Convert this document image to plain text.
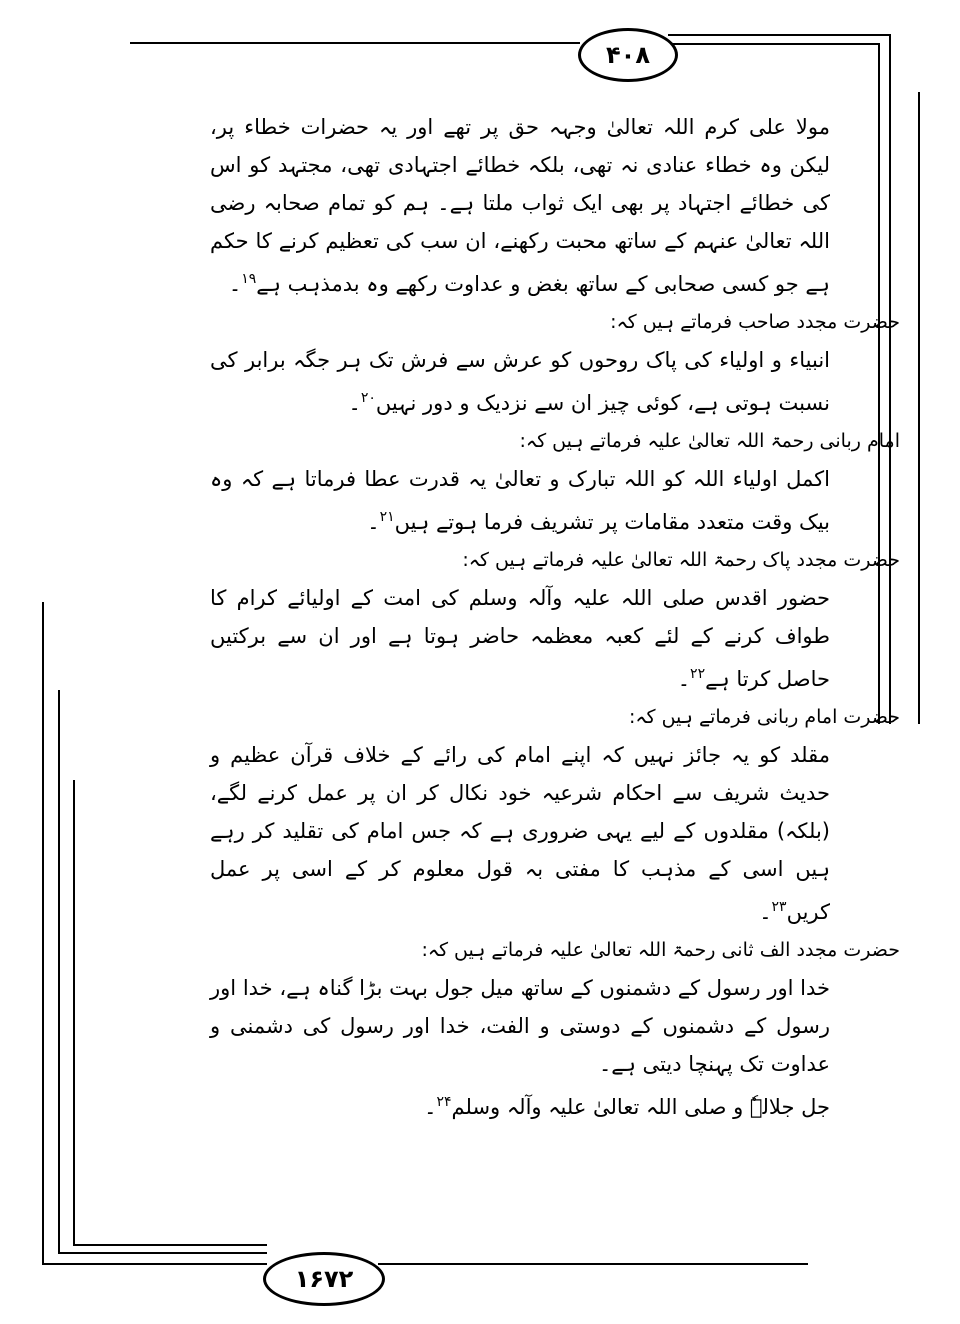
۴۰۸
۱۶۷۲

مولا علی کرم اللہ تعالیٰ وجہہ حق پر تھے اور یہ حضرات خطاء پر، لیکن وہ خطاء عنادی نہ تھی، بلکہ خطائے اجتہادی تھی، مجتہد کو اس کی خطائے اجتہاد پر بھی ایک ثواب ملتا ہے۔ ہم کو تمام صحابہ رضی اللہ تعالیٰ عنہم کے ساتھ محبت رکھنے، ان سب کی تعظیم کرنے کا حکم ہے جو کسی صحابی کے ساتھ بغض و عداوت رکھے وہ بدمذہب ہے$^{۱۹}$۔

حضرت مجدد صاحب فرماتے ہیں کہ:

انبیاء و اولیاء کی پاک روحوں کو عرش سے فرش تک ہر جگہ برابر کی نسبت ہوتی ہے، کوئی چیز ان سے نزدیک و دور نہیں$^{۲۰}$۔

امام ربانی رحمۃ اللہ تعالیٰ علیہ فرماتے ہیں کہ:

اکمل اولیاء اللہ کو اللہ تبارک و تعالیٰ یہ قدرت عطا فرماتا ہے کہ وہ بیک وقت متعدد مقامات پر تشریف فرما ہوتے ہیں$^{۲۱}$۔

حضرت مجدد پاک رحمۃ اللہ تعالیٰ علیہ فرماتے ہیں کہ:

حضور اقدس صلی اللہ علیہ وآلہ وسلم کی امت کے اولیائے کرام کا طواف کرنے کے لئے کعبہ معظمہ حاضر ہوتا ہے اور ان سے برکتیں حاصل کرتا ہے$^{۲۲}$۔

حضرت امام ربانی فرماتے ہیں کہ:

مقلد کو یہ جائز نہیں کہ اپنے امام کی رائے کے خلاف قرآن عظیم و حدیث شریف سے احکام شرعیہ خود نکال کر ان پر عمل کرنے لگے، (بلکہ) مقلدوں کے لیے یہی ضروری ہے کہ جس امام کی تقلید کر رہے ہیں اسی کے مذہب کا مفتی بہ قول معلوم کر کے اسی پر عمل کریں$^{۲۳}$۔

حضرت مجدد الف ثانی رحمۃ اللہ تعالیٰ علیہ فرماتے ہیں کہ:

خدا اور رسول کے دشمنوں کے ساتھ میل جول بہت بڑا گناہ ہے، خدا اور رسول کے دشمنوں کے دوستی و الفت، خدا اور رسول کی دشمنی و عداوت تک پہنچا دیتی ہے۔
جل جلالہٗ و صلی اللہ تعالیٰ علیہ وآلہ وسلم$^{۲۴}$۔
